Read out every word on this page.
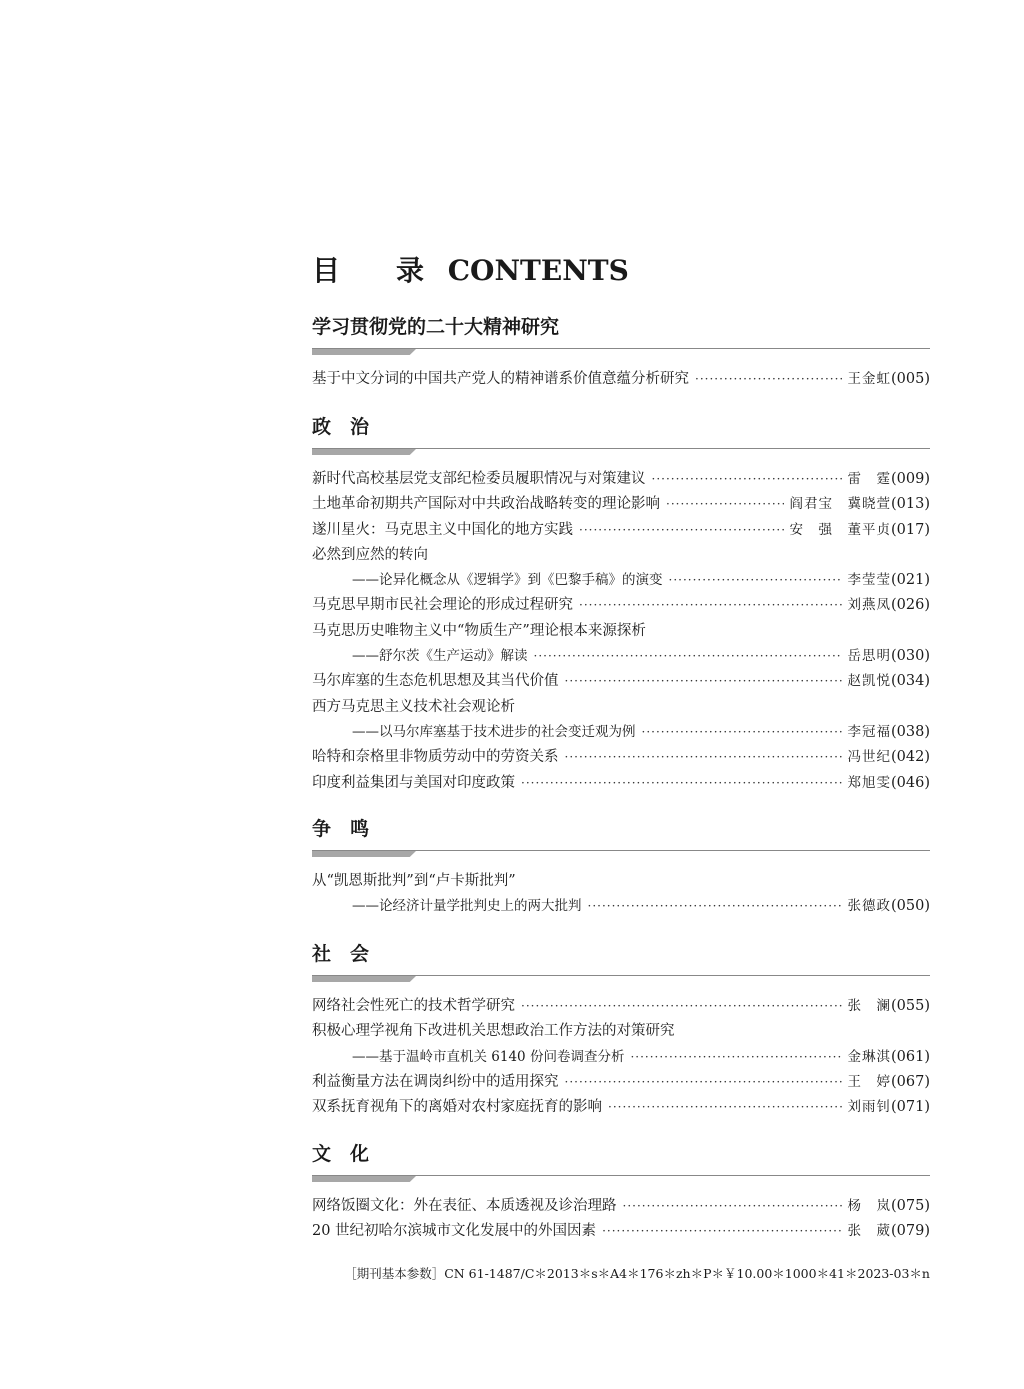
目　录 CONTENTS
学习贯彻党的二十大精神研究
基于中文分词的中国共产党人的精神谱系价值意蕴分析研究 ·····	王金虹 (005)
政　治
新时代高校基层党支部纪检委员履职情况与对策建议 ·····	雷　霆 (009)
土地革命初期共产国际对中共政治战略转变的理论影响 ·····	阎君宝　冀晓萱 (013)
遂川星火：马克思主义中国化的地方实践 ·····	安　强　董平贞 (017)
必然到应然的转向
——论异化概念从《逻辑学》到《巴黎手稿》的演变 ·····	李莹莹 (021)
马克思早期市民社会理论的形成过程研究 ·····	刘燕凤 (026)
马克思历史唯物主义中“物质生产”理论根本来源探析
——舒尔茨《生产运动》解读 ·····	岳思明 (030)
马尔库塞的生态危机思想及其当代价值 ·····	赵凯悦 (034)
西方马克思主义技术社会观论析
——以马尔库塞基于技术进步的社会变迁观为例 ·····	李冠福 (038)
哈特和奈格里非物质劳动中的劳资关系 ·····	冯世纪 (042)
印度利益集团与美国对印度政策 ·····	郑旭雯 (046)
争　鸣
从“凯恩斯批判”到“卢卡斯批判”
——论经济计量学批判史上的两大批判 ·····	张德政 (050)
社　会
网络社会性死亡的技术哲学研究 ·····	张　澜 (055)
积极心理学视角下改进机关思想政治工作方法的对策研究
——基于温岭市直机关 6140 份问卷调查分析 ·····	金琳淇 (061)
利益衡量方法在调岗纠纷中的适用探究 ·····	王　婷 (067)
双系抚育视角下的离婚对农村家庭抚育的影响 ·····	刘雨钊 (071)
文　化
网络饭圈文化：外在表征、本质透视及诊治理路 ·····	杨　岚 (075)
20 世纪初哈尔滨城市文化发展中的外国因素 ·····	张　葳 (079)
［期刊基本参数］CN 61-1487/C＊2013＊s＊A4＊176＊zh＊P＊￥10.00＊1000＊41＊2023-03＊n
